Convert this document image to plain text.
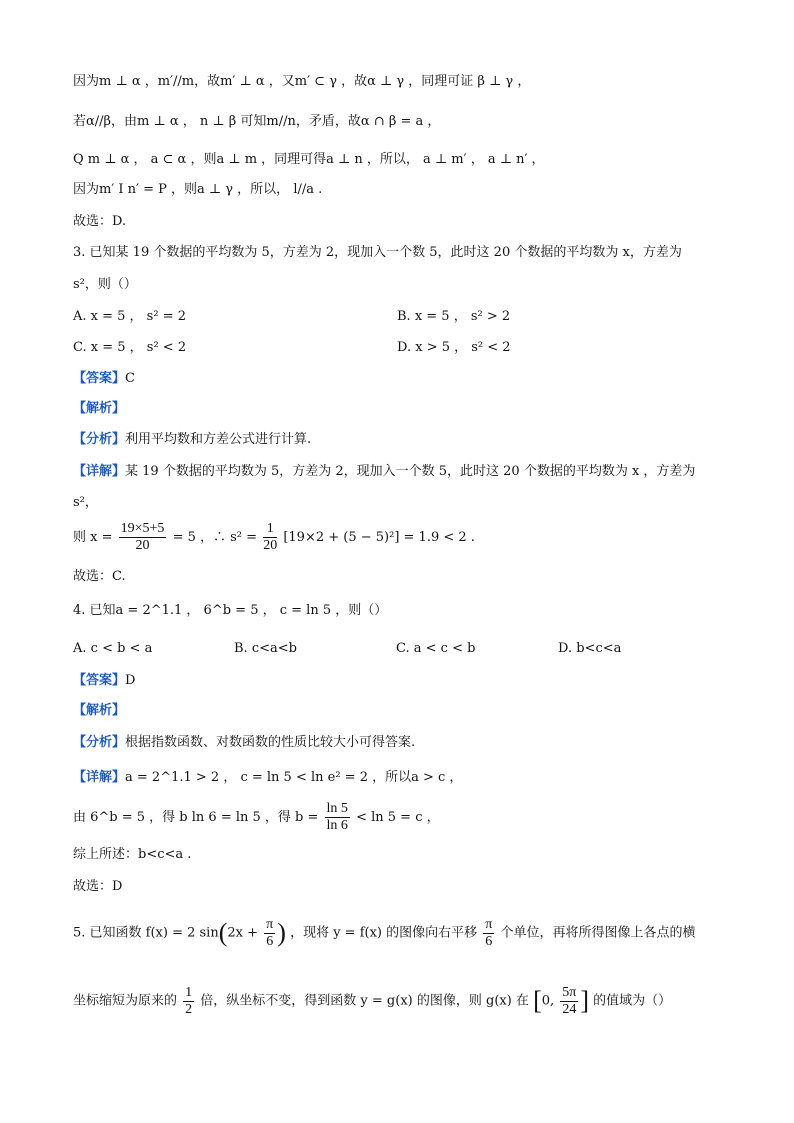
因为m ⊥ α ，m′//m，故m′ ⊥ α ，又m′ ⊂ γ ，故α ⊥ γ ，同理可证 β ⊥ γ ，
若α//β，由m ⊥ α ， n ⊥ β 可知m//n，矛盾，故α ∩ β = a ，
Q m ⊥ α ， a ⊂ α ，则a ⊥ m ，同理可得a ⊥ n ，所以， a ⊥ m′ ， a ⊥ n′ ，
因为m′ I n′ = P ，则a ⊥ γ ，所以， l//a .
故选：D.
3. 已知某 19 个数据的平均数为 5，方差为 2，现加入一个数 5，此时这 20 个数据的平均数为 x，方差为
s²，则（）
A. x = 5 ， s² = 2	B. x = 5 ， s² > 2
C. x = 5 ， s² < 2	D. x > 5 ， s² < 2
【答案】C
【解析】
【分析】利用平均数和方差公式进行计算.
【详解】某 19 个数据的平均数为 5，方差为 2，现加入一个数 5，此时这 20 个数据的平均数为 x ，方差为
s²，
则 $x = \frac{19\times 5+5}{20} = 5$ ，∴ $s^2 = \frac{1}{20} [19\times 2 + (5 - 5)^2] = 1.9 < 2$ .
故选：C.
4. 已知a = 2^1.1 ， 6^b = 5 ， c = ln 5 ，则（）
A. c < b < a	B. c<a<b	C. a < c < b	D. b<c<a
【答案】D
【解析】
【分析】根据指数函数、对数函数的性质比较大小可得答案.
【详解】a = 2^1.1 > 2 ， c = ln 5 < ln e² = 2 ，所以a > c ，
由 6^b = 5 ，得 b ln 6 = ln 5 ，得 $b = \frac{\ln 5}{\ln 6} < \ln 5 = c$ ，
综上所述：b<c<a .
故选：D
5. 已知函数 f(x) = 2 $\sin(2x + \frac{\pi}{6}$ ) ，现将 y = f(x) 的图像向右平移 $\frac{\pi}{6}$ 个单位，再将所得图像上各点的横
坐标缩短为原来的 $\frac{1}{2}$ 倍，纵坐标不变，得到函数 y = g(x) 的图像，则 g(x) 在 [0, $\frac{5\pi}{24}$ ] 的值域为（）
